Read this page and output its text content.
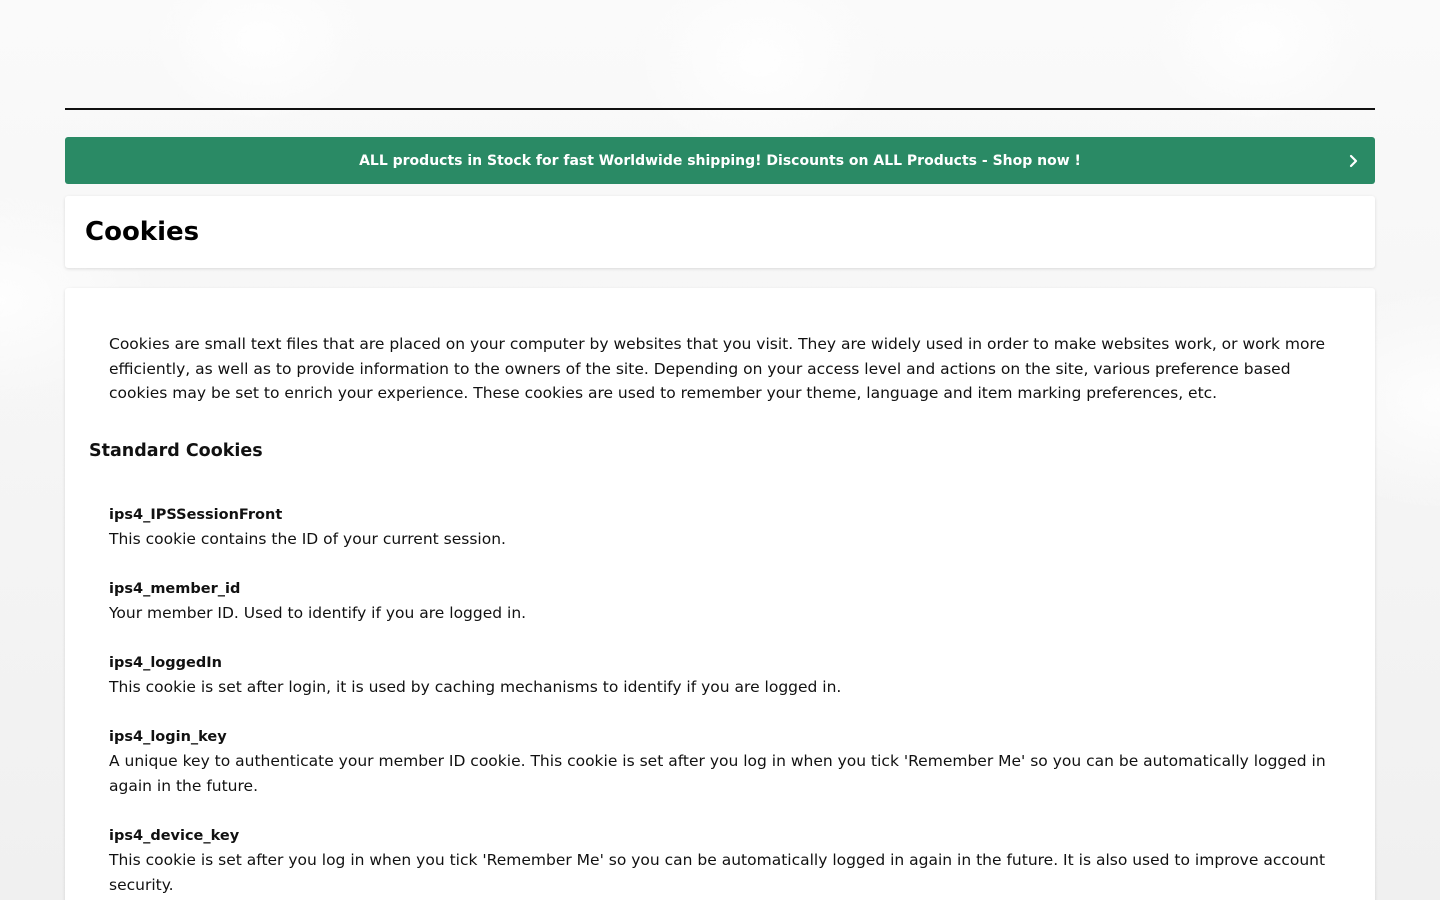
ALL products in Stock for fast Worldwide shipping! Discounts on ALL Products - Shop now !
Cookies

Cookies are small text files that are placed on your computer by websites that you visit. They are widely used in order to make websites work, or work more efficiently, as well as to provide information to the owners of the site. Depending on your access level and actions on the site, various preference based cookies may be set to enrich your experience. These cookies are used to remember your theme, language and item marking preferences, etc.

Standard Cookies
ips4_IPSSessionFront

This cookie contains the ID of your current session.

ips4_member_id

Your member ID. Used to identify if you are logged in.

ips4_loggedIn

This cookie is set after login, it is used by caching mechanisms to identify if you are logged in.

ips4_login_key

A unique key to authenticate your member ID cookie. This cookie is set after you log in when you tick 'Remember Me' so you can be automatically logged in again in the future.

ips4_device_key

This cookie is set after you log in when you tick 'Remember Me' so you can be automatically logged in again in the future. It is also used to improve account security.
